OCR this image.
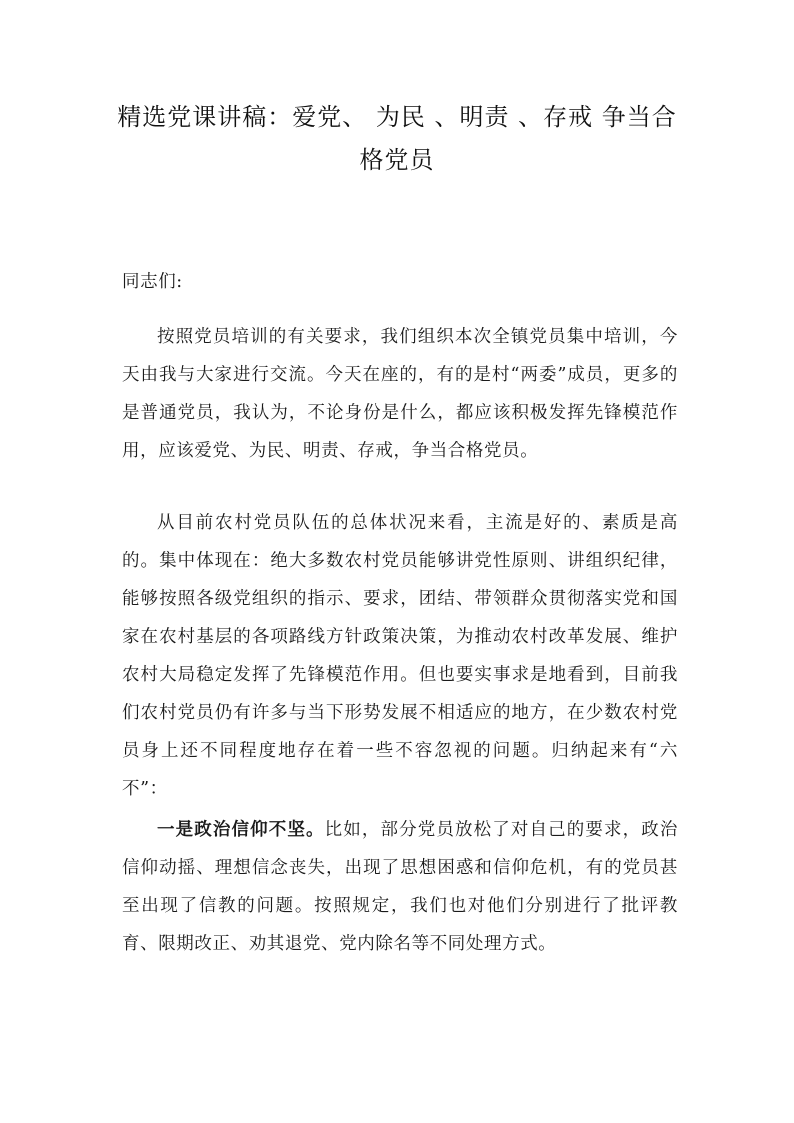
精选党课讲稿：爱党、 为民 、明责 、存戒 争当合格党员
同志们:

按照党员培训的有关要求，我们组织本次全镇党员集中培训，今天由我与大家进行交流。今天在座的，有的是村“两委”成员，更多的是普通党员，我认为，不论身份是什么，都应该积极发挥先锋模范作用，应该爱党、为民、明责、存戒，争当合格党员。

从目前农村党员队伍的总体状况来看，主流是好的、素质是高的。集中体现在：绝大多数农村党员能够讲党性原则、讲组织纪律，能够按照各级党组织的指示、要求，团结、带领群众贯彻落实党和国家在农村基层的各项路线方针政策决策，为推动农村改革发展、维护农村大局稳定发挥了先锋模范作用。但也要实事求是地看到，目前我们农村党员仍有许多与当下形势发展不相适应的地方，在少数农村党员身上还不同程度地存在着一些不容忽视的问题。归纳起来有“六不”：

一是政治信仰不坚。比如，部分党员放松了对自己的要求，政治信仰动摇、理想信念丧失，出现了思想困惑和信仰危机，有的党员甚至出现了信教的问题。按照规定，我们也对他们分别进行了批评教育、限期改正、劝其退党、党内除名等不同处理方式。
